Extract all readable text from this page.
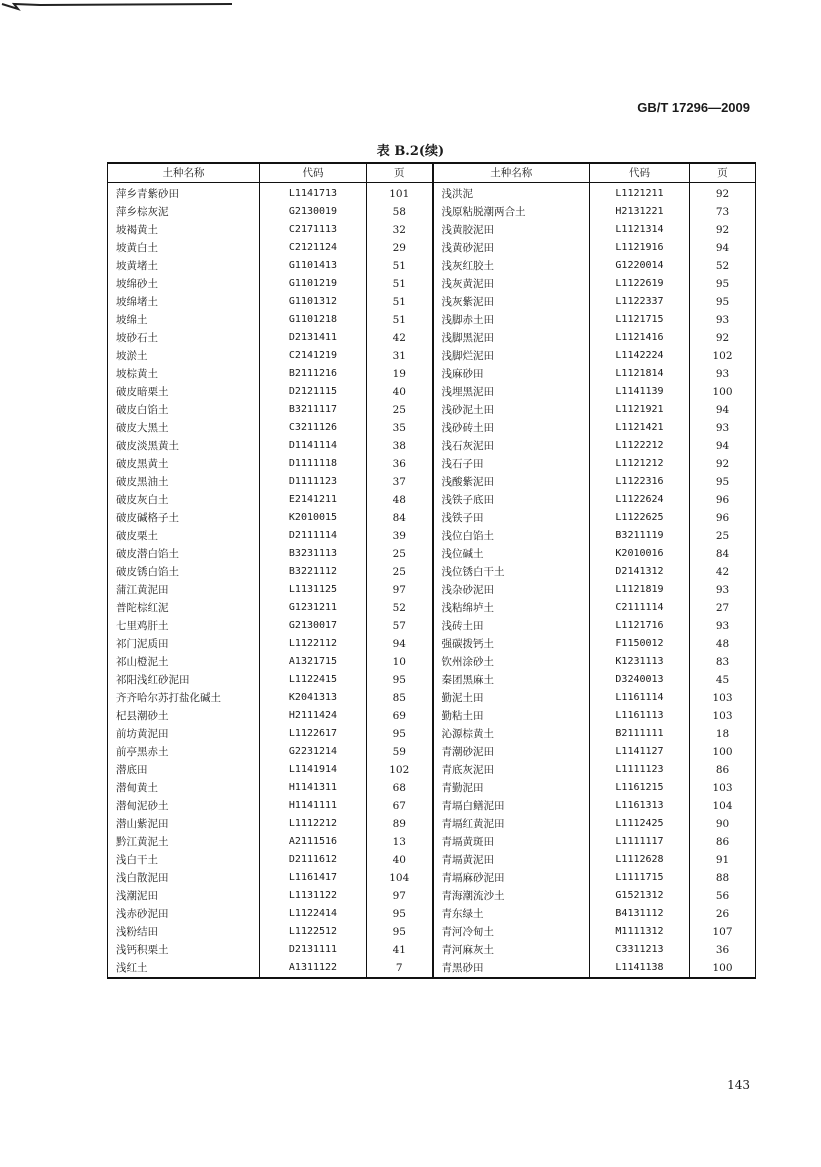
GB/T 17296—2009
表 B.2(续)
土种名称	代码	页	土种名称	代码	页

萍乡青紫砂田	L1141713	101	浅洪泥	L1121211	92
萍乡棕灰泥	G2130019	58	浅原粘脱潮两合土	H2131221	73
坡褐黄土	C2171113	32	浅黄胶泥田	L1121314	92
坡黄白土	C2121124	29	浅黄砂泥田	L1121916	94
坡黄堵土	G1101413	51	浅灰红胶土	G1220014	52
坡绵砂土	G1101219	51	浅灰黄泥田	L1122619	95
坡绵堵土	G1101312	51	浅灰紫泥田	L1122337	95
坡绵土	G1101218	51	浅脚赤土田	L1121715	93
坡砂石土	D2131411	42	浅脚黑泥田	L1121416	92
坡淤土	C2141219	31	浅脚烂泥田	L1142224	102
坡棕黄土	B2111216	19	浅麻砂田	L1121814	93
破皮暗栗土	D2121115	40	浅埋黑泥田	L1141139	100
破皮白馅土	B3211117	25	浅砂泥土田	L1121921	94
破皮大黑土	C3211126	35	浅砂砖土田	L1121421	93
破皮淡黑黄土	D1141114	38	浅石灰泥田	L1122212	94
破皮黑黄土	D1111118	36	浅石子田	L1121212	92
破皮黑油土	D1111123	37	浅酸紫泥田	L1122316	95
破皮灰白土	E2141211	48	浅铁子底田	L1122624	96
破皮碱格子土	K2010015	84	浅铁子田	L1122625	96
破皮栗土	D2111114	39	浅位白馅土	B3211119	25
破皮潜白馅土	B3231113	25	浅位碱土	K2010016	84
破皮锈白馅土	B3221112	25	浅位锈白干土	D2141312	42
蒲江黄泥田	L1131125	97	浅杂砂泥田	L1121819	93
普陀棕红泥	G1231211	52	浅粘绵垆土	C2111114	27
七里鸡肝土	G2130017	57	浅砖土田	L1121716	93
祁门泥质田	L1122112	94	强碳拨钙土	F1150012	48
祁山橙泥土	A1321715	10	钦州涂砂土	K1231113	83
祁阳浅红砂泥田	L1122415	95	秦团黑麻土	D3240013	45
齐齐哈尔苏打盐化碱土	K2041313	85	勤泥土田	L1161114	103
杞县潮砂土	H2111424	69	勤粘土田	L1161113	103
前坊黄泥田	L1122617	95	沁源棕黄土	B2111111	18
前亭黑赤土	G2231214	59	青潮砂泥田	L1141127	100
潜底田	L1141914	102	青底灰泥田	L1111123	86
潜甸黄土	H1141311	68	青勤泥田	L1161215	103
潜甸泥砂土	H1141111	67	青塥白鳝泥田	L1161313	104
潜山紫泥田	L1112212	89	青塥红黄泥田	L1112425	90
黔江黄泥土	A2111516	13	青塥黄斑田	L1111117	86
浅白干土	D2111612	40	青塥黄泥田	L1112628	91
浅白散泥田	L1161417	104	青塥麻砂泥田	L1111715	88
浅潮泥田	L1131122	97	青海潮流沙土	G1521312	56
浅赤砂泥田	L1122414	95	青东绿土	B4131112	26
浅粉结田	L1122512	95	青河冷甸土	M1111312	107
浅钙积栗土	D2131111	41	青河麻灰土	C3311213	36
浅红土	A1311122	7	青黑砂田	L1141138	100
143
